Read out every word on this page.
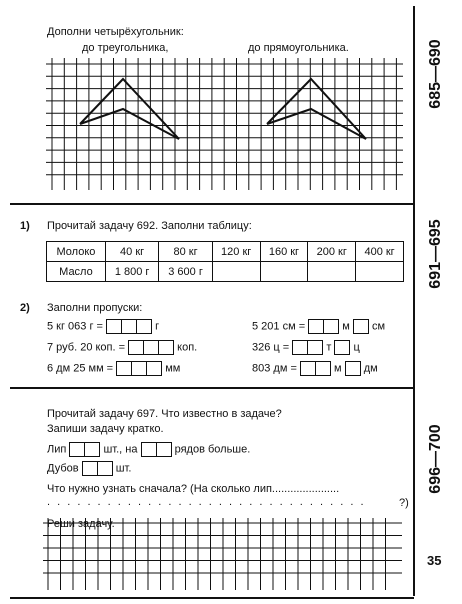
685—690
691—695
696—700
Дополни четырёхугольник:
до треугольника,	до прямоугольника.
1) Прочитай задачу 692. Заполни таблицу:
Молоко	40 кг	80 кг	120 кг	160 кг	200 кг	400 кг
Масло	1 800 г	3 600 г				
2) Заполни пропуски:
5 кг 063 г =	г
7 руб. 20 коп. =	коп.
6 дм 25 мм =	мм
5 201 см =	м см
326 ц =	т ц
803 дм =	м дм
Прочитай задачу 697. Что известно в задаче?
Запиши задачу кратко.
Лип	шт., на	рядов больше.
Дубов	шт.
Что нужно узнать сначала? (На сколько лип......................
. . . . . . . . . . . . . . . . . . . . . . . . . . . . . . . .	?)
Реши задачу.
35
